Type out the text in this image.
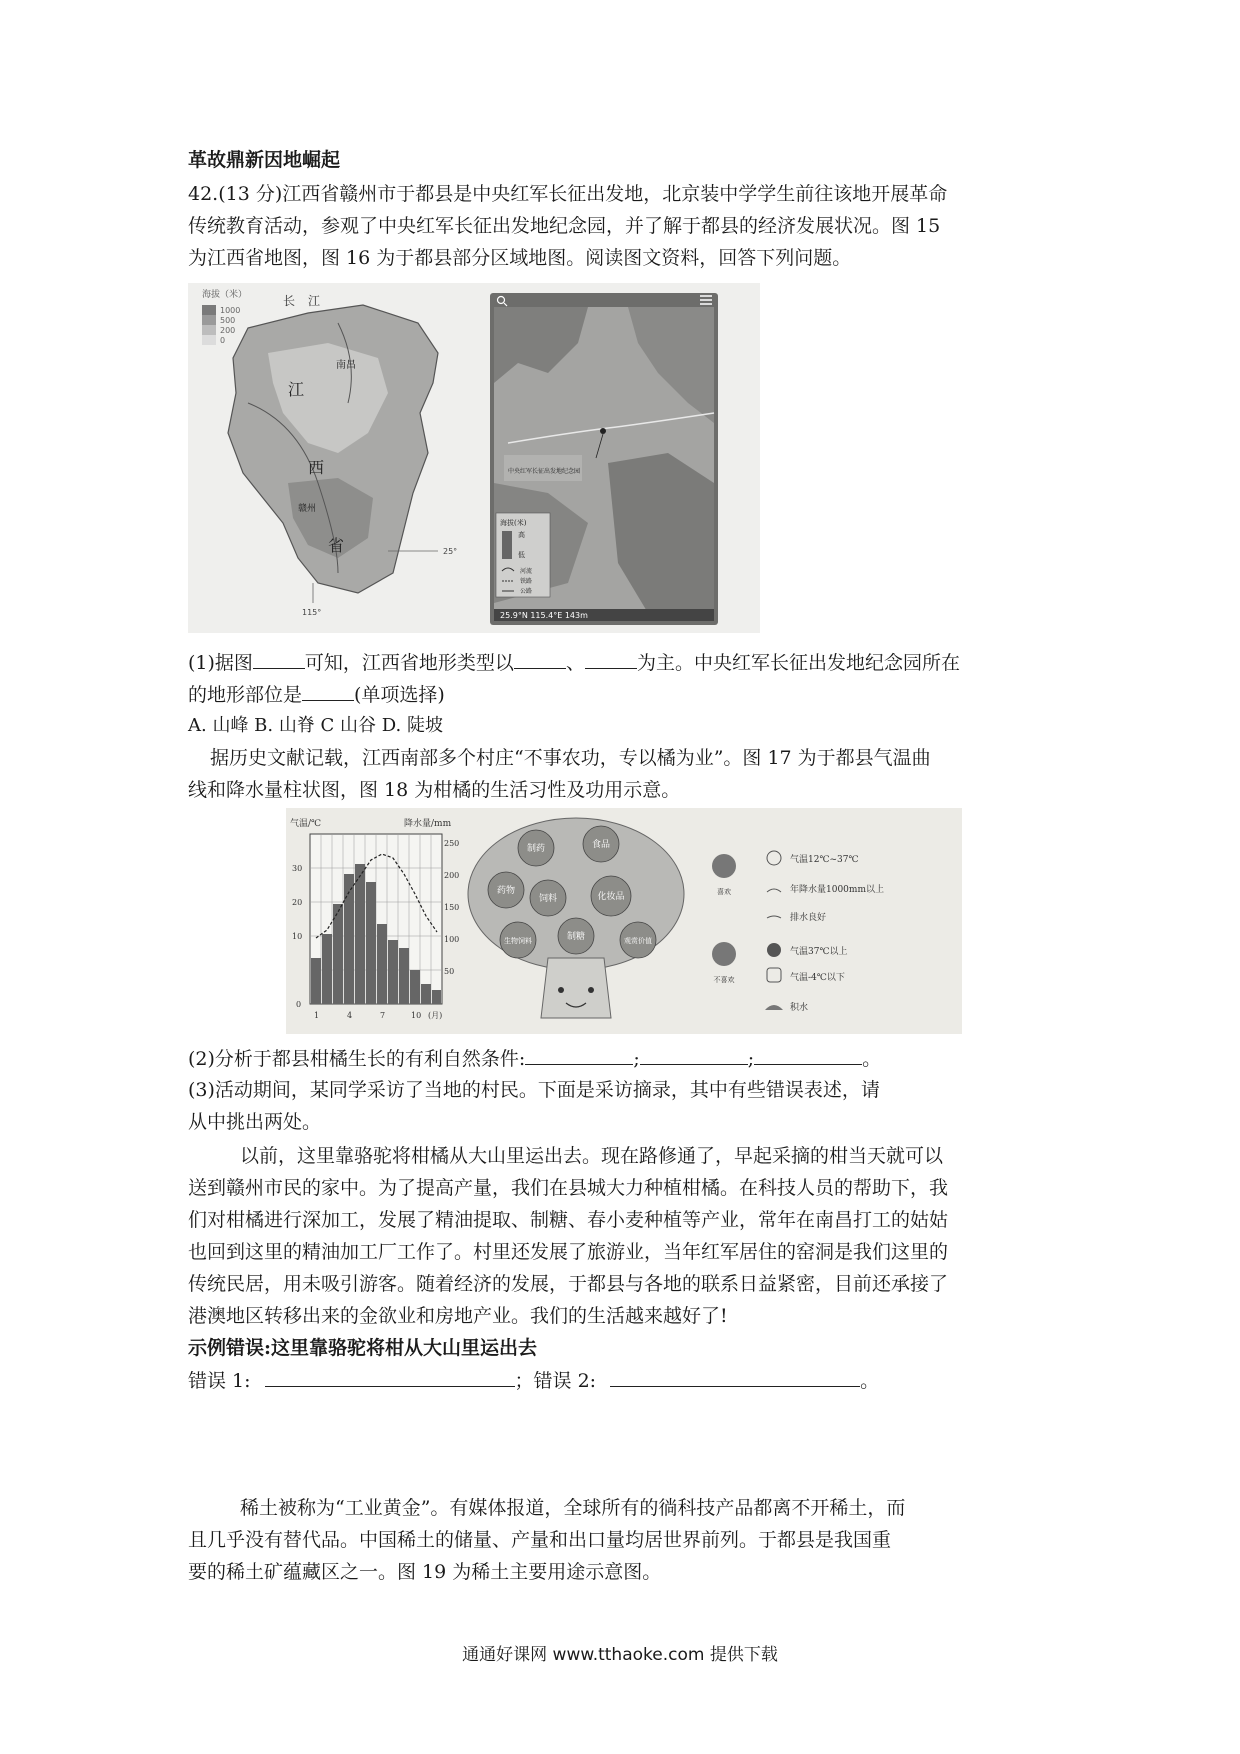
革故鼎新因地崛起
42.(13 分)江西省赣州市于都县是中央红军长征出发地，北京装中学学生前往该地开展革命
传统教育活动，参观了中央红军长征出发地纪念园，并了解于都县的经济发展状况。图 15
为江西省地图，图 16 为于都县部分区域地图。阅读图文资料，回答下列问题。
海拔（米）
1000
500
200
0
长
江
南昌
江
西
赣州
省	25°
115°
中央红军长征出发地纪念园
海拔(米)
高
低
河流
铁路
公路
25.9°N 115.4°E 143m
(1)据图	可知，江西省地形类型以	、	为主。中央红军长征出发地纪念园所在
的地形部位是	(单项选择)
A. 山峰 B. 山脊 C 山谷 D. 陡坡
据历史文献记载，江西南部多个村庄“不事农功，专以橘为业”。图 17 为于都县气温曲
线和降水量柱状图，图 18 为柑橘的生活习性及功用示意。
气温/℃	降水量/mm
30
20
10
0
250
200
150
100
50
1	4	7	10 (月)
制药	食品
药物
饲料	化妆品
制糖
生物饲料	观赏价值
喜欢
气温12℃~37℃
年降水量1000mm以上
排水良好
不喜欢
气温37℃以上
气温-4℃以下
积水
(2)分析于都县柑橘生长的有利自然条件:	;	;	。
(3)活动期间，某同学采访了当地的村民。下面是采访摘录，其中有些错误表述，请
从中挑出两处。
以前，这里靠骆驼将柑橘从大山里运出去。现在路修通了，早起采摘的柑当天就可以
送到赣州市民的家中。为了提高产量，我们在县城大力种植柑橘。在科技人员的帮助下，我
们对柑橘进行深加工，发展了精油提取、制糖、春小麦种植等产业，常年在南昌打工的姑姑
也回到这里的精油加工厂工作了。村里还发展了旅游业，当年红军居住的窑洞是我们这里的
传统民居，用未吸引游客。随着经济的发展，于都县与各地的联系日益紧密，目前还承接了
港澳地区转移出来的金欲业和房地产业。我们的生活越来越好了!
示例错误:这里靠骆驼将柑从大山里运出去
错误 1:	；错误 2:	。
稀土被称为“工业黄金”。有媒体报道，全球所有的徜科技产品都离不开稀土，而
且几乎没有替代品。中国稀土的储量、产量和出口量均居世界前列。于都县是我国重
要的稀土矿蕴藏区之一。图 19 为稀土主要用途示意图。
通通好课网 www.tthaoke.com 提供下载
